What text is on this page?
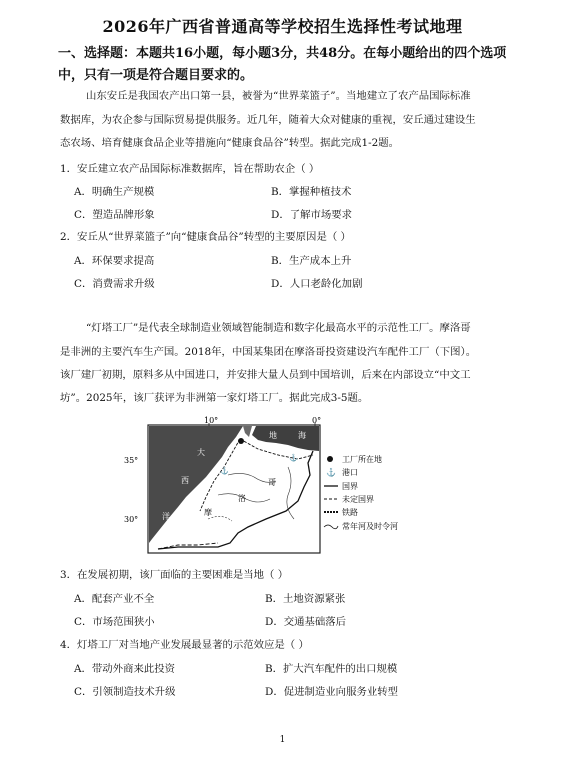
2026年广西省普通高等学校招生选择性考试地理
一、选择题：本题共16小题，每小题3分，共48分。在每小题给出的四个选项
中，只有一项是符合题目要求的。
山东安丘是我国农产出口第一县，被誉为“世界菜篮子”。当地建立了农产品国际标准
数据库，为农企参与国际贸易提供服务。近几年，随着大众对健康的重视，安丘通过建设生
态农场、培育健康食品企业等措施向“健康食品谷”转型。据此完成1-2题。
1．安丘建立农产品国际标准数据库，旨在帮助农企（ ）
A．明确生产规模	B．掌握种植技术
C．塑造品牌形象	D．了解市场要求
2．安丘从“世界菜篮子”向“健康食品谷”转型的主要原因是（ ）
A．环保要求提高	B．生产成本上升
C．消费需求升级	D．人口老龄化加剧
“灯塔工厂”是代表全球制造业领域智能制造和数字化最高水平的示范性工厂。摩洛哥
是非洲的主要汽车生产国。2018年，中国某集团在摩洛哥投资建设汽车配件工厂（下图）。
该厂建厂初期，原料多从中国进口，并安排大量人员到中国培训，后来在内部设立“中文工
坊”。2025年，该厂获评为非洲第一家灯塔工厂。据此完成3-5题。
10°	0°
35°
30°
大
西
洋
哥
摩
洛
地	海
⚓
⚓	工厂所在地
⚓ 港口
国界
未定国界
铁路
常年河及时令河
3．在发展初期，该厂面临的主要困难是当地（ ）
A．配套产业不全	B．土地资源紧张
C．市场范围狭小	D．交通基础落后
4．灯塔工厂对当地产业发展最显著的示范效应是（ ）
A．带动外商来此投资	B．扩大汽车配件的出口规模
C．引领制造技术升级	D．促进制造业向服务业转型
1
